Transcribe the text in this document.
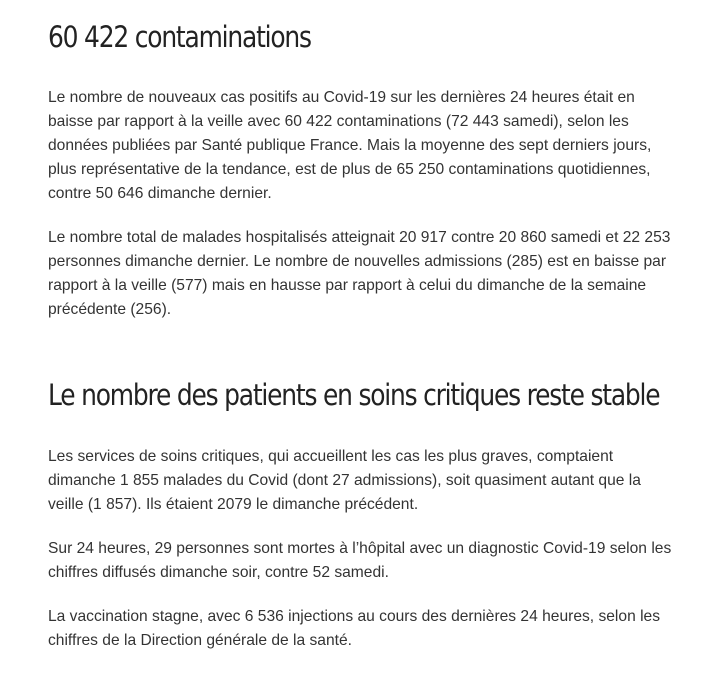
60 422 contaminations

Le nombre de nouveaux cas positifs au Covid-19 sur les dernières 24 heures était en baisse par rapport à la veille avec 60 422 contaminations (72 443 samedi), selon les données publiées par Santé publique France. Mais la moyenne des sept derniers jours, plus représentative de la tendance, est de plus de 65 250 contaminations quotidiennes, contre 50 646 dimanche dernier.

Le nombre total de malades hospitalisés atteignait 20 917 contre 20 860 samedi et 22 253 personnes dimanche dernier. Le nombre de nouvelles admissions (285) est en baisse par rapport à la veille (577) mais en hausse par rapport à celui du dimanche de la semaine précédente (256).

Le nombre des patients en soins critiques reste stable

Les services de soins critiques, qui accueillent les cas les plus graves, comptaient dimanche 1 855 malades du Covid (dont 27 admissions), soit quasiment autant que la veille (1 857). Ils étaient 2079 le dimanche précédent.

Sur 24 heures, 29 personnes sont mortes à l’hôpital avec un diagnostic Covid-19 selon les chiffres diffusés dimanche soir, contre 52 samedi.

La vaccination stagne, avec 6 536 injections au cours des dernières 24 heures, selon les chiffres de la Direction générale de la santé.
